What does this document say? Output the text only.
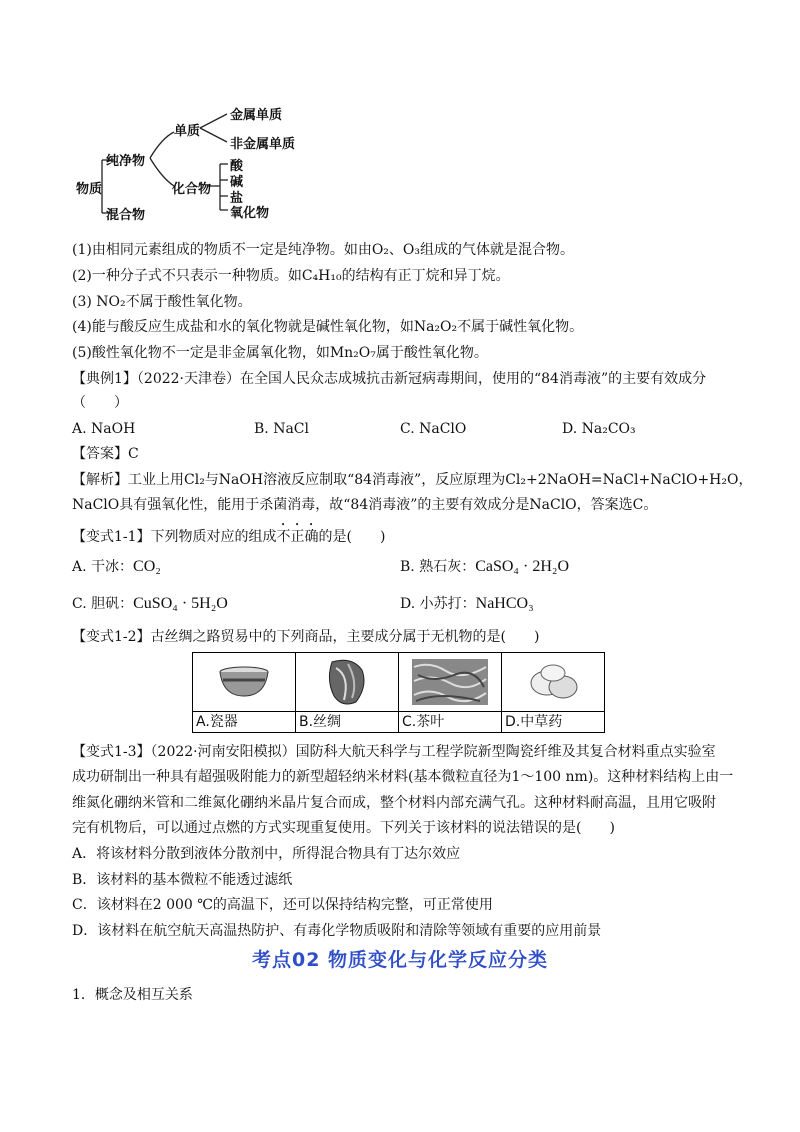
物质
纯净物
混合物
单质
化合物
金属单质
非金属单质
酸
碱
盐
氧化物
(1)由相同元素组成的物质不一定是纯净物。如由O₂、O₃组成的气体就是混合物。
(2)一种分子式不只表示一种物质。如C₄H₁₀的结构有正丁烷和异丁烷。
(3) NO₂不属于酸性氧化物。
(4)能与酸反应生成盐和水的氧化物就是碱性氧化物，如Na₂O₂不属于碱性氧化物。
(5)酸性氧化物不一定是非金属氧化物，如Mn₂O₇属于酸性氧化物。
【典例1】（2022·天津卷）在全国人民众志成城抗击新冠病毒期间，使用的“84消毒液”的主要有效成分
（　　）
A. NaOH	B. NaCl	C. NaClO	D. Na₂CO₃
【答案】C
【解析】工业上用Cl₂与NaOH溶液反应制取“84消毒液”，反应原理为Cl₂+2NaOH=NaCl+NaClO+H₂O，
NaClO具有强氧化性，能用于杀菌消毒，故“84消毒液”的主要有效成分是NaClO，答案选C。
【变式1-1】下列物质对应的组成不正确的是(　　)
A. 干冰：CO₂	B. 熟石灰：CaSO₄ · 2H₂O
C. 胆矾：CuSO₄ · 5H₂O	D. 小苏打：NaHCO₃
【变式1-2】古丝绸之路贸易中的下列商品，主要成分属于无机物的是(　　)
A.瓷器	B.丝绸	C.茶叶	D.中草药
【变式1-3】（2022·河南安阳模拟）国防科大航天科学与工程学院新型陶瓷纤维及其复合材料重点实验室
成功研制出一种具有超强吸附能力的新型超轻纳米材料(基本微粒直径为1～100 nm)。这种材料结构上由一
维氮化硼纳米管和二维氮化硼纳米晶片复合而成，整个材料内部充满气孔。这种材料耐高温，且用它吸附
完有机物后，可以通过点燃的方式实现重复使用。下列关于该材料的说法错误的是(　　)
A．将该材料分散到液体分散剂中，所得混合物具有丁达尔效应
B．该材料的基本微粒不能透过滤纸
C．该材料在2 000 ℃的高温下，还可以保持结构完整，可正常使用
D．该材料在航空航天高温热防护、有毒化学物质吸附和清除等领域有重要的应用前景
考点02 物质变化与化学反应分类
1．概念及相互关系
